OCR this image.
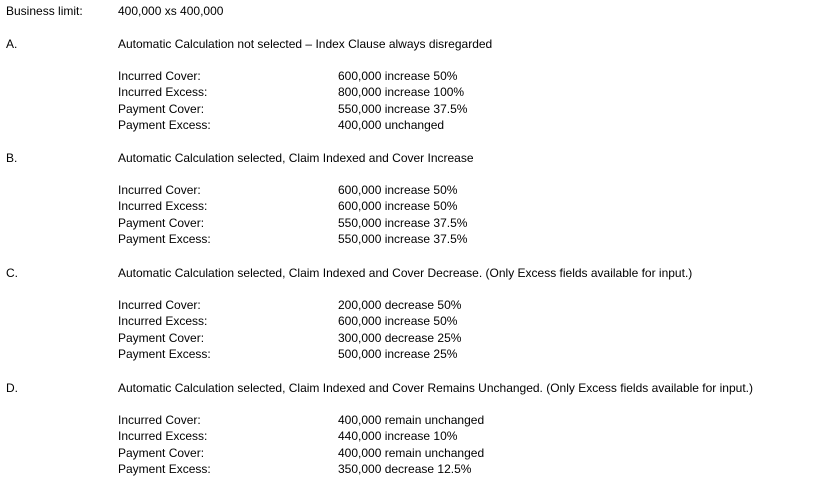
Business limit:	400,000 xs 400,000
A.	Automatic Calculation not selected – Index Clause always disregarded
Incurred Cover:	600,000 increase 50%
Incurred Excess:	800,000 increase 100%
Payment Cover:	550,000 increase 37.5%
Payment Excess:	400,000 unchanged
B.	Automatic Calculation selected, Claim Indexed and Cover Increase
Incurred Cover:	600,000 increase 50%
Incurred Excess:	600,000 increase 50%
Payment Cover:	550,000 increase 37.5%
Payment Excess:	550,000 increase 37.5%
C.	Automatic Calculation selected, Claim Indexed and Cover Decrease. (Only Excess fields available for input.)
Incurred Cover:	200,000 decrease 50%
Incurred Excess:	600,000 increase 50%
Payment Cover:	300,000 decrease 25%
Payment Excess:	500,000 increase 25%
D.	Automatic Calculation selected, Claim Indexed and Cover Remains Unchanged. (Only Excess fields available for input.)
Incurred Cover:	400,000 remain unchanged
Incurred Excess:	440,000 increase 10%
Payment Cover:	400,000 remain unchanged
Payment Excess:	350,000 decrease 12.5%
